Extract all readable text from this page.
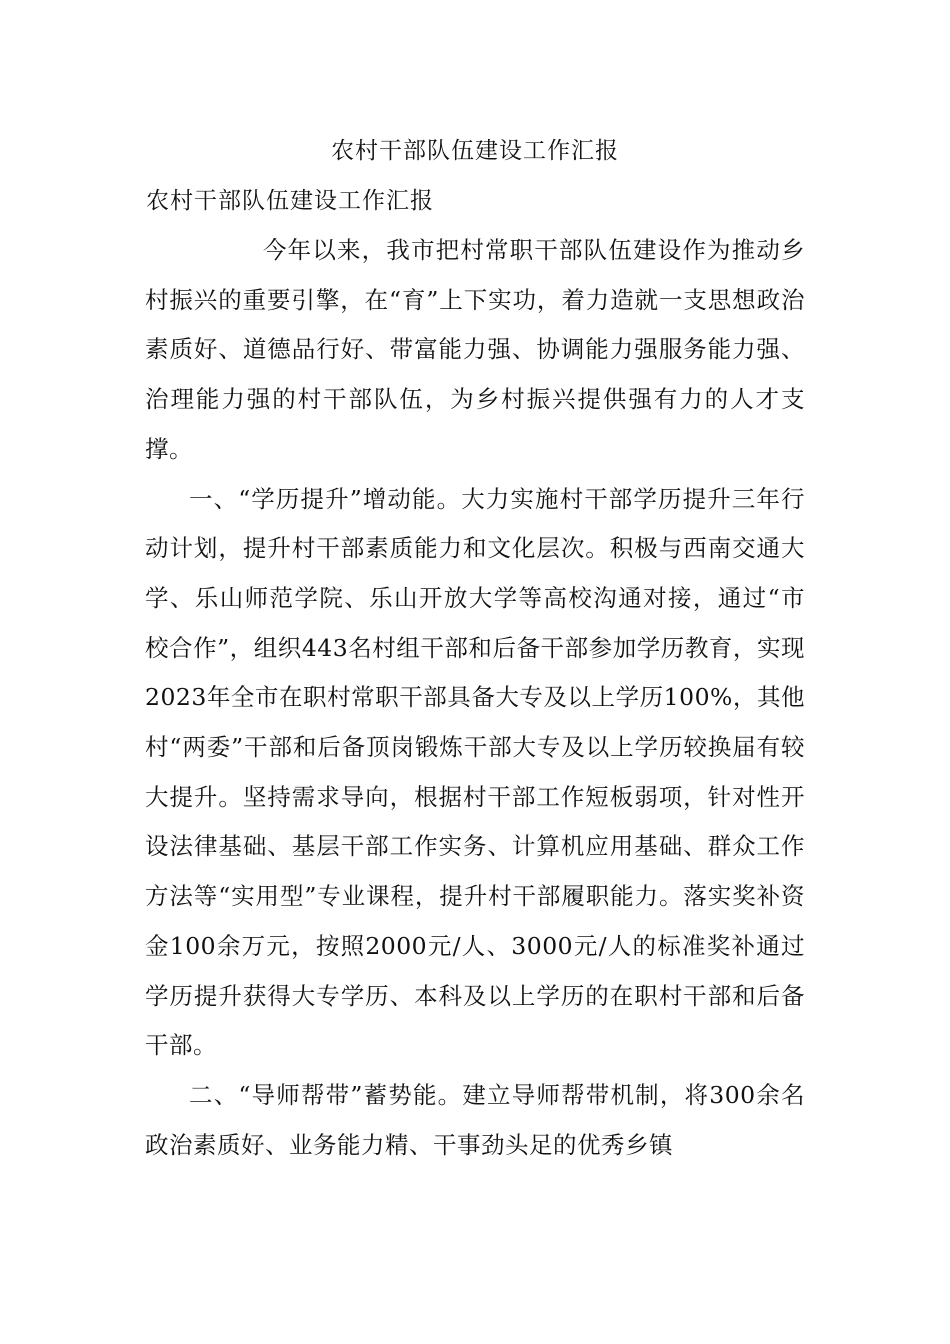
农村干部队伍建设工作汇报
农村干部队伍建设工作汇报

今年以来，我市把村常职干部队伍建设作为推动乡村振兴的重要引擎，在“育”上下实功，着力造就一支思想政治素质好、道德品行好、带富能力强、协调能力强服务能力强、治理能力强的村干部队伍，为乡村振兴提供强有力的人才支撑。

一、“学历提升”增动能。大力实施村干部学历提升三年行动计划，提升村干部素质能力和文化层次。积极与西南交通大学、乐山师范学院、乐山开放大学等高校沟通对接，通过“市校合作”，组织443名村组干部和后备干部参加学历教育，实现2023年全市在职村常职干部具备大专及以上学历100%，其他村“两委”干部和后备顶岗锻炼干部大专及以上学历较换届有较大提升。坚持需求导向，根据村干部工作短板弱项，针对性开设法律基础、基层干部工作实务、计算机应用基础、群众工作方法等“实用型”专业课程，提升村干部履职能力。落实奖补资金100余万元，按照2000元/人、3000元/人的标准奖补通过学历提升获得大专学历、本科及以上学历的在职村干部和后备干部。

二、“导师帮带”蓄势能。建立导师帮带机制，将300余名政治素质好、业务能力精、干事劲头足的优秀乡镇
